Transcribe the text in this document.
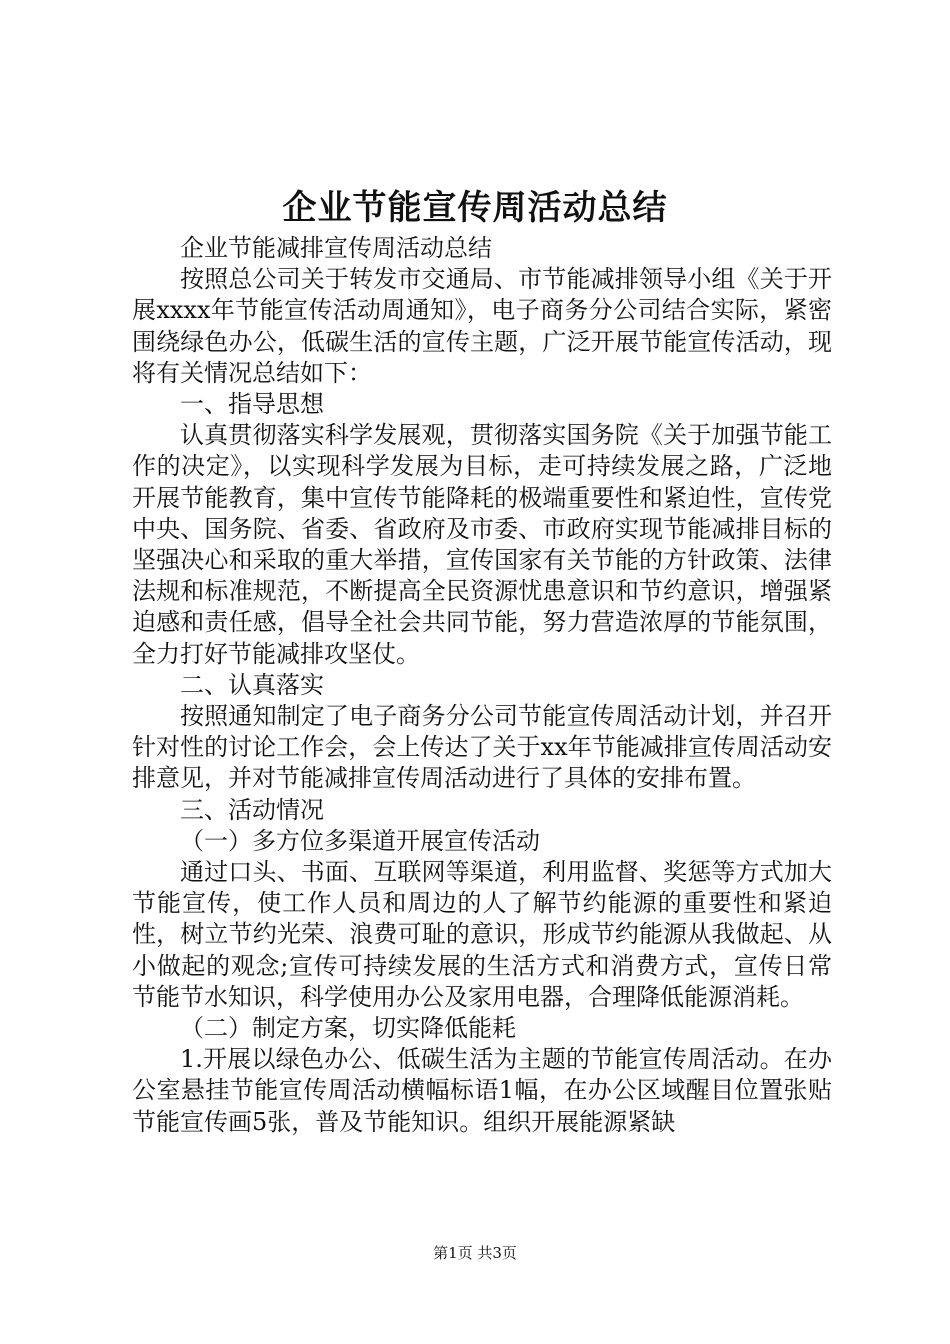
企业节能宣传周活动总结

企业节能减排宣传周活动总结

按照总公司关于转发市交通局、市节能减排领导小组《关于开展xxxx年节能宣传活动周通知》，电子商务分公司结合实际，紧密围绕绿色办公，低碳生活的宣传主题，广泛开展节能宣传活动，现将有关情况总结如下：

一、指导思想

认真贯彻落实科学发展观，贯彻落实国务院《关于加强节能工作的决定》，以实现科学发展为目标，走可持续发展之路，广泛地开展节能教育，集中宣传节能降耗的极端重要性和紧迫性，宣传党中央、国务院、省委、省政府及市委、市政府实现节能减排目标的坚强决心和采取的重大举措，宣传国家有关节能的方针政策、法律法规和标准规范，不断提高全民资源忧患意识和节约意识，增强紧迫感和责任感，倡导全社会共同节能，努力营造浓厚的节能氛围，全力打好节能减排攻坚仗。

二、认真落实

按照通知制定了电子商务分公司节能宣传周活动计划，并召开针对性的讨论工作会，会上传达了关于xx年节能减排宣传周活动安排意见，并对节能减排宣传周活动进行了具体的安排布置。

三、活动情况

（一）多方位多渠道开展宣传活动

通过口头、书面、互联网等渠道，利用监督、奖惩等方式加大节能宣传，使工作人员和周边的人了解节约能源的重要性和紧迫性，树立节约光荣、浪费可耻的意识，形成节约能源从我做起、从小做起的观念;宣传可持续发展的生活方式和消费方式，宣传日常节能节水知识，科学使用办公及家用电器，合理降低能源消耗。

（二）制定方案，切实降低能耗

1.开展以绿色办公、低碳生活为主题的节能宣传周活动。在办公室悬挂节能宣传周活动横幅标语1幅，在办公区域醒目位置张贴节能宣传画5张，普及节能知识。组织开展能源紧缺

第1页 共3页
